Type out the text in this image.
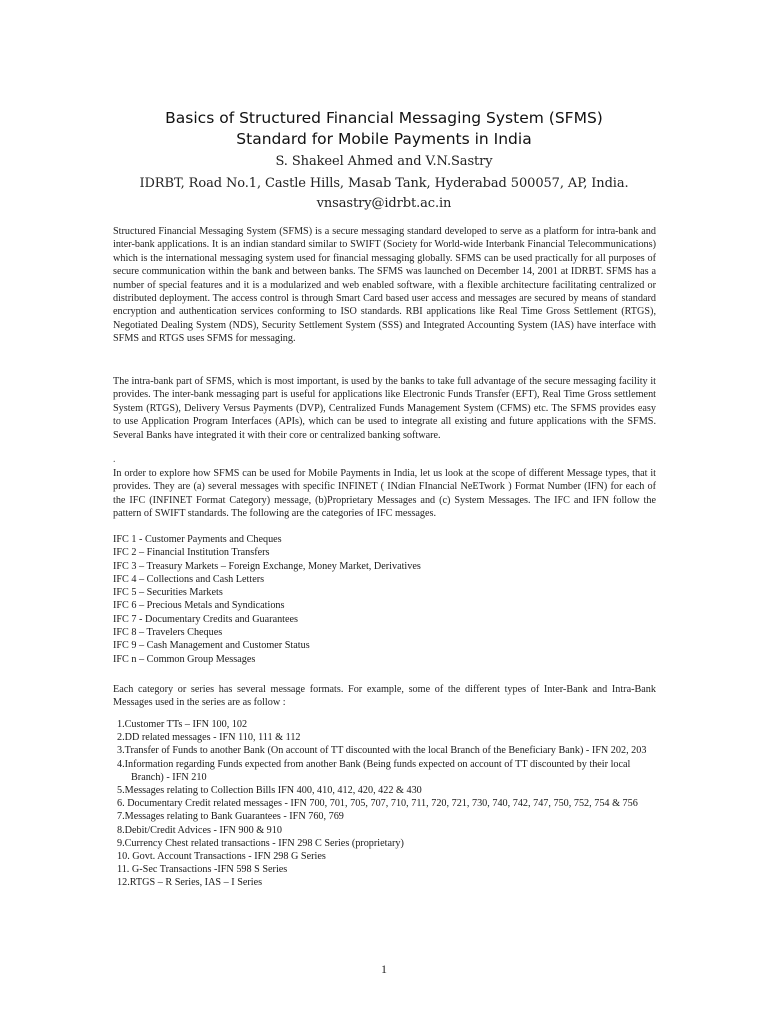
Basics of Structured Financial Messaging System (SFMS)
Standard for Mobile Payments in India
S. Shakeel Ahmed and V.N.Sastry
IDRBT, Road No.1, Castle Hills, Masab Tank, Hyderabad 500057, AP, India.
vnsastry@idrbt.ac.in

Structured Financial Messaging System (SFMS) is a secure messaging standard developed to serve as a platform for intra-bank and inter-bank applications. It is an indian standard similar to SWIFT (Society for World-wide Interbank Financial Telecommunications) which is the international messaging system used for financial messaging globally. SFMS can be used practically for all purposes of secure communication within the bank and between banks. The SFMS was launched on December 14, 2001 at IDRBT. SFMS has a number of special features and it is a modularized and web enabled software, with a flexible architecture facilitating centralized or distributed deployment. The access control is through Smart Card based user access and messages are secured by means of standard encryption and authentication services conforming to ISO standards. RBI applications like Real Time Gross Settlement (RTGS), Negotiated Dealing System (NDS), Security Settlement System (SSS) and Integrated Accounting System (IAS) have interface with SFMS and RTGS uses SFMS for messaging.

The intra-bank part of SFMS, which is most important, is used by the banks to take full advantage of the secure messaging facility it provides. The inter-bank messaging part is useful for applications like Electronic Funds Transfer (EFT), Real Time Gross settlement System (RTGS), Delivery Versus Payments (DVP), Centralized Funds Management System (CFMS) etc. The SFMS provides easy to use Application Program Interfaces (APIs), which can be used to integrate all existing and future applications with the SFMS. Several Banks have integrated it with their core or centralized banking software.

.

In order to explore how SFMS can be used for Mobile Payments in India, let us look at the scope of different Message types, that it provides. They are (a) several messages with specific INFINET ( INdian FInancial NeETwork ) Format Number (IFN) for each of the IFC (INFINET Format Category) message, (b)Proprietary Messages and (c) System Messages. The IFC and IFN follow the pattern of SWIFT standards. The following are the categories of IFC messages.

IFC 1 - Customer Payments and Cheques
IFC 2 – Financial Institution Transfers
IFC 3 – Treasury Markets – Foreign Exchange, Money Market, Derivatives
IFC 4 – Collections and Cash Letters
IFC 5 – Securities Markets
IFC 6 – Precious Metals and Syndications
IFC 7 - Documentary Credits and Guarantees
IFC 8 – Travelers Cheques
IFC 9 – Cash Management and Customer Status
IFC n – Common Group Messages

Each category or series has several message formats. For example, some of the different types of Inter-Bank and Intra-Bank Messages used in the series are as follow :

1.Customer TTs – IFN 100, 102
2.DD related messages - IFN 110, 111 & 112
3.Transfer of Funds to another Bank (On account of TT discounted with the local Branch of the Beneficiary Bank) - IFN 202, 203
4.Information regarding Funds expected from another Bank (Being funds expected on account of TT discounted by their local Branch) - IFN 210
5.Messages relating to Collection Bills IFN 400, 410, 412, 420, 422 & 430
6. Documentary Credit related messages - IFN 700, 701, 705, 707, 710, 711, 720, 721, 730, 740, 742, 747, 750, 752, 754 & 756
7.Messages relating to Bank Guarantees - IFN 760, 769
8.Debit/Credit Advices - IFN 900 & 910
9.Currency Chest related transactions - IFN 298 C Series (proprietary)
10. Govt. Account Transactions - IFN 298 G Series
11. G-Sec Transactions -IFN 598 S Series
12.RTGS – R Series, IAS – I Series
1
